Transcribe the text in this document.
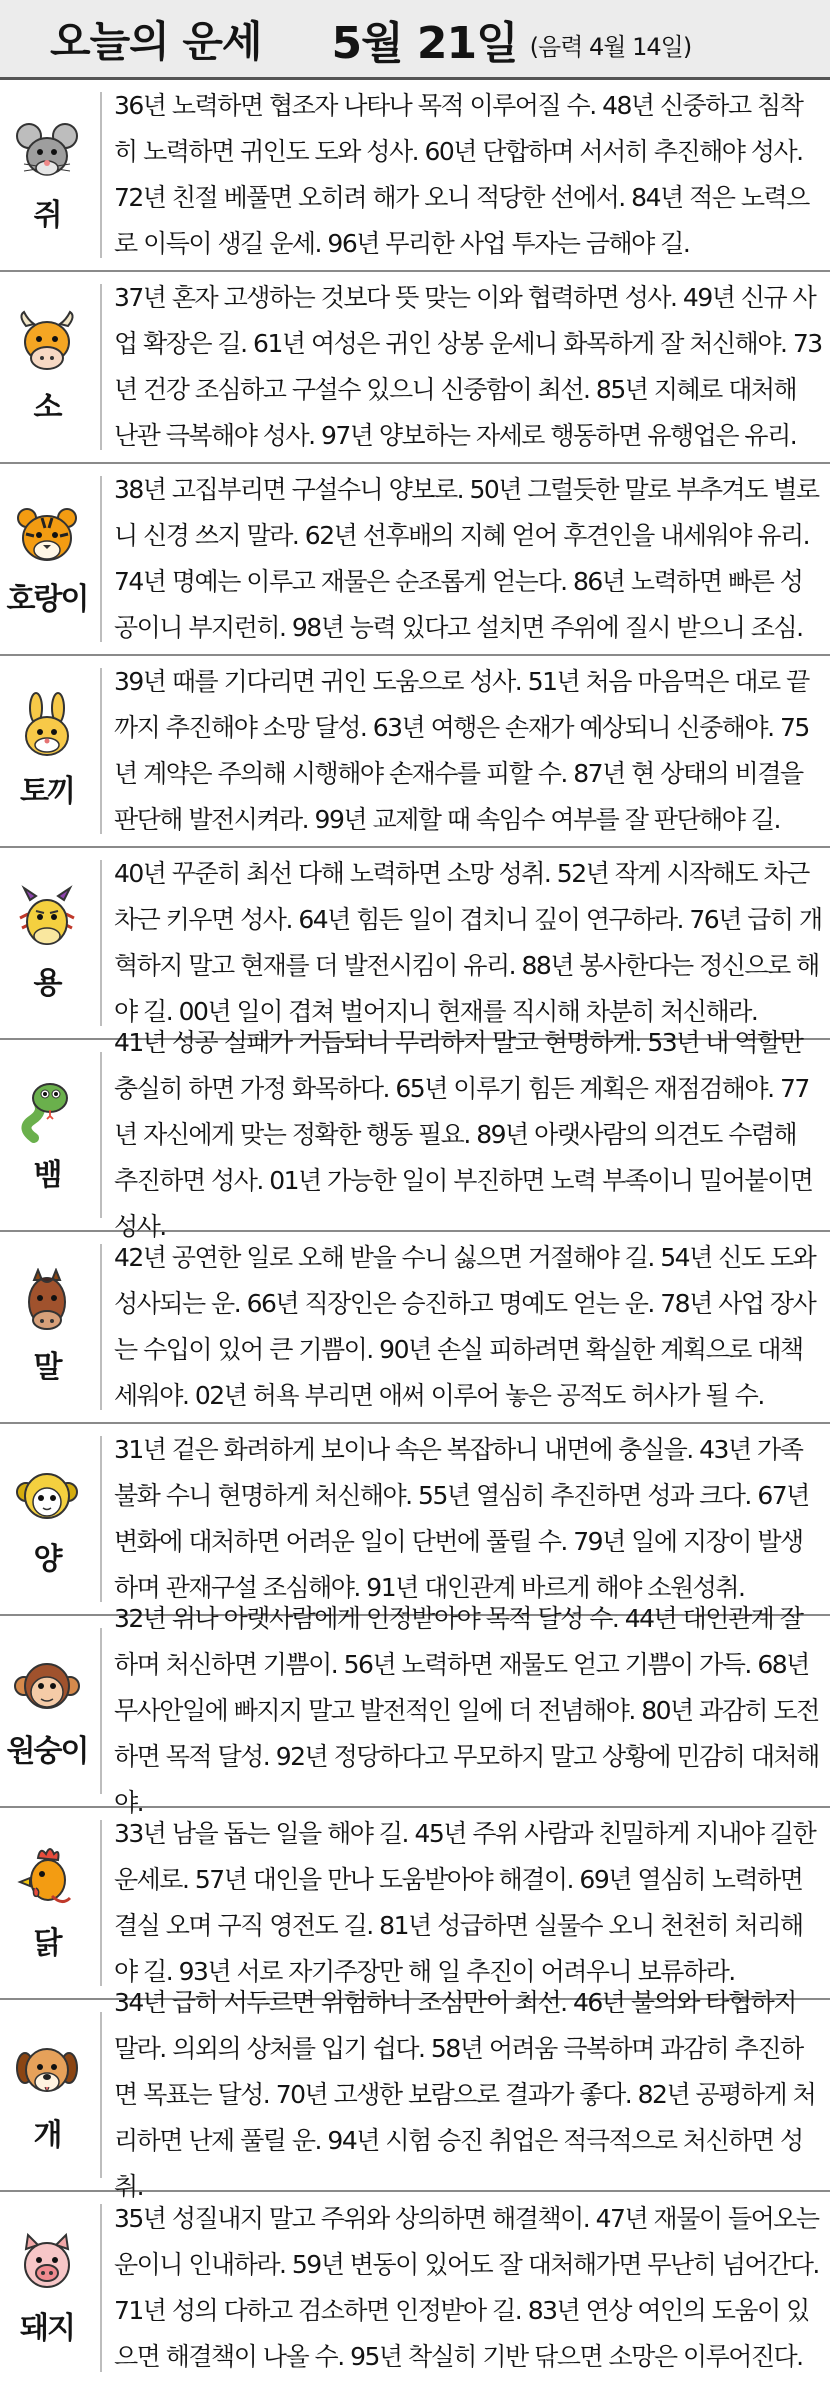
오늘의 운세 5월 21일 (음력 4월 14일)
쥐

36년 노력하면 협조자 나타나 목적 이루어질 수. 48년 신중하고 침착히 노력하면 귀인도 도와 성사. 60년 단합하며 서서히 추진해야 성사. 72년 친절 베풀면 오히려 해가 오니 적당한 선에서. 84년 적은 노력으로 이득이 생길 운세. 96년 무리한 사업 투자는 금해야 길.

소

37년 혼자 고생하는 것보다 뜻 맞는 이와 협력하면 성사. 49년 신규 사업 확장은 길. 61년 여성은 귀인 상봉 운세니 화목하게 잘 처신해야. 73년 건강 조심하고 구설수 있으니 신중함이 최선. 85년 지혜로 대처해 난관 극복해야 성사. 97년 양보하는 자세로 행동하면 유행업은 유리.

호랑이

38년 고집부리면 구설수니 양보로. 50년 그럴듯한 말로 부추겨도 별로니 신경 쓰지 말라. 62년 선후배의 지혜 얻어 후견인을 내세워야 유리. 74년 명예는 이루고 재물은 순조롭게 얻는다. 86년 노력하면 빠른 성공이니 부지런히. 98년 능력 있다고 설치면 주위에 질시 받으니 조심.

토끼

39년 때를 기다리면 귀인 도움으로 성사. 51년 처음 마음먹은 대로 끝까지 추진해야 소망 달성. 63년 여행은 손재가 예상되니 신중해야. 75년 계약은 주의해 시행해야 손재수를 피할 수. 87년 현 상태의 비결을 판단해 발전시켜라. 99년 교제할 때 속임수 여부를 잘 판단해야 길.

용

40년 꾸준히 최선 다해 노력하면 소망 성취. 52년 작게 시작해도 차근차근 키우면 성사. 64년 힘든 일이 겹치니 깊이 연구하라. 76년 급히 개혁하지 말고 현재를 더 발전시킴이 유리. 88년 봉사한다는 정신으로 해야 길. 00년 일이 겹쳐 벌어지니 현재를 직시해 차분히 처신해라.

뱀

41년 성공 실패가 거듭되니 무리하지 말고 현명하게. 53년 내 역할만 충실히 하면 가정 화목하다. 65년 이루기 힘든 계획은 재점검해야. 77년 자신에게 맞는 정확한 행동 필요. 89년 아랫사람의 의견도 수렴해 추진하면 성사. 01년 가능한 일이 부진하면 노력 부족이니 밀어붙이면 성사.

말

42년 공연한 일로 오해 받을 수니 싫으면 거절해야 길. 54년 신도 도와 성사되는 운. 66년 직장인은 승진하고 명예도 얻는 운. 78년 사업 장사는 수입이 있어 큰 기쁨이. 90년 손실 피하려면 확실한 계획으로 대책 세워야. 02년 허욕 부리면 애써 이루어 놓은 공적도 허사가 될 수.

양

31년 겉은 화려하게 보이나 속은 복잡하니 내면에 충실을. 43년 가족 불화 수니 현명하게 처신해야. 55년 열심히 추진하면 성과 크다. 67년 변화에 대처하면 어려운 일이 단번에 풀릴 수. 79년 일에 지장이 발생하며 관재구설 조심해야. 91년 대인관계 바르게 해야 소원성취.

원숭이

32년 위나 아랫사람에게 인정받아야 목적 달성 수. 44년 대인관계 잘하며 처신하면 기쁨이. 56년 노력하면 재물도 얻고 기쁨이 가득. 68년 무사안일에 빠지지 말고 발전적인 일에 더 전념해야. 80년 과감히 도전하면 목적 달성. 92년 정당하다고 무모하지 말고 상황에 민감히 대처해야.

닭

33년 남을 돕는 일을 해야 길. 45년 주위 사람과 친밀하게 지내야 길한 운세로. 57년 대인을 만나 도움받아야 해결이. 69년 열심히 노력하면 결실 오며 구직 영전도 길. 81년 성급하면 실물수 오니 천천히 처리해야 길. 93년 서로 자기주장만 해 일 추진이 어려우니 보류하라.

개

34년 급히 서두르면 위험하니 조심만이 최선. 46년 불의와 타협하지 말라. 의외의 상처를 입기 쉽다. 58년 어려움 극복하며 과감히 추진하면 목표는 달성. 70년 고생한 보람으로 결과가 좋다. 82년 공평하게 처리하면 난제 풀릴 운. 94년 시험 승진 취업은 적극적으로 처신하면 성취.

돼지

35년 성질내지 말고 주위와 상의하면 해결책이. 47년 재물이 들어오는 운이니 인내하라. 59년 변동이 있어도 잘 대처해가면 무난히 넘어간다. 71년 성의 다하고 검소하면 인정받아 길. 83년 연상 여인의 도움이 있으면 해결책이 나올 수. 95년 착실히 기반 닦으면 소망은 이루어진다.
